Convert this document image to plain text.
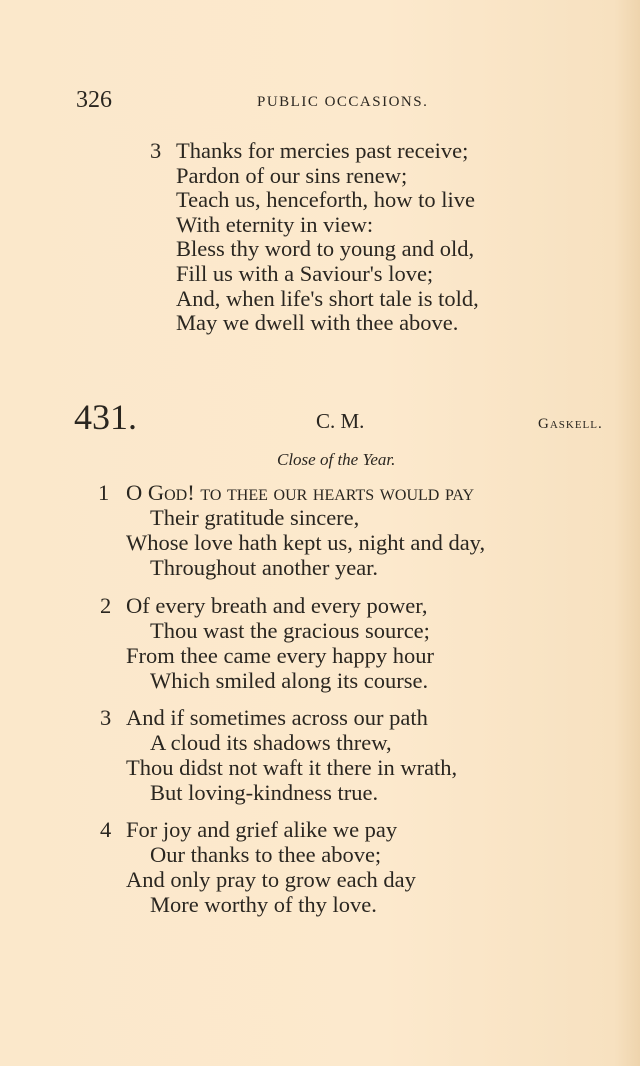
326	PUBLIC OCCASIONS.
3 Thanks for mercies past receive;
Pardon of our sins renew;
Teach us, henceforth, how to live
With eternity in view:
Bless thy word to young and old,
Fill us with a Saviour's love;
And, when life's short tale is told,
May we dwell with thee above.
431.	C. M.	Gaskell.
Close of the Year.
1 O God! to thee our hearts would pay
Their gratitude sincere,
Whose love hath kept us, night and day,
Throughout another year.
2 Of every breath and every power,
Thou wast the gracious source;
From thee came every happy hour
Which smiled along its course.
3 And if sometimes across our path
A cloud its shadows threw,
Thou didst not waft it there in wrath,
But loving-kindness true.
4 For joy and grief alike we pay
Our thanks to thee above;
And only pray to grow each day
More worthy of thy love.
